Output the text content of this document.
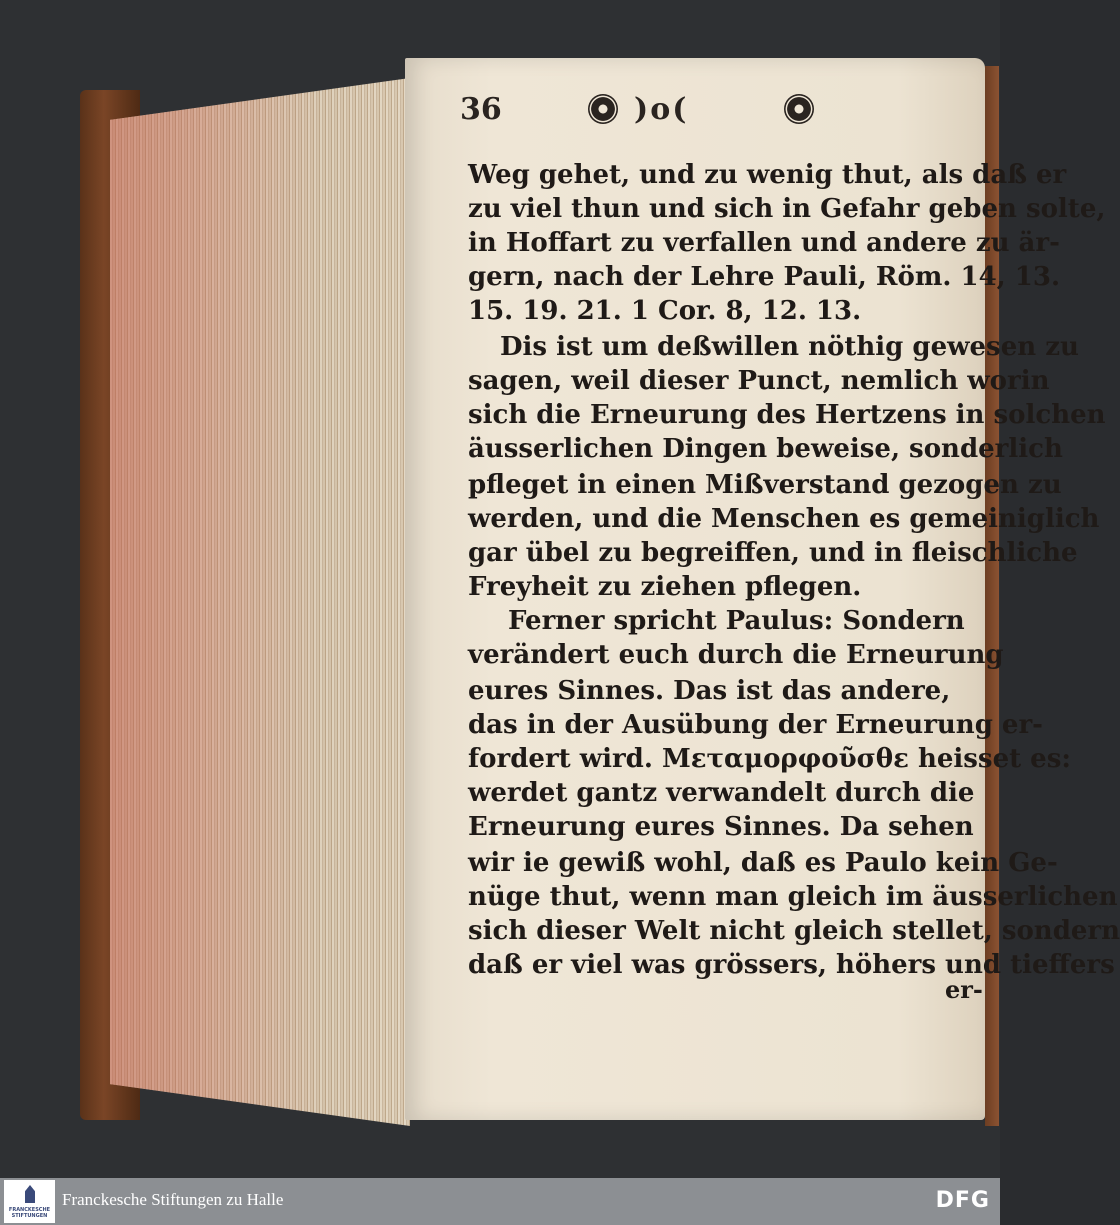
36	)o(
Weg gehet, und zu wenig thut, als daß er
zu viel thun und sich in Gefahr geben solte,
in Hoffart zu verfallen und andere zu är-
gern, nach der Lehre Pauli, Röm. 14, 13.
15. 19. 21. 1 Cor. 8, 12. 13.
Dis ist um deßwillen nöthig gewesen zu
sagen, weil dieser Punct, nemlich worin
sich die Erneurung des Hertzens in solchen
äusserlichen Dingen beweise, sonderlich
pfleget in einen Mißverstand gezogen zu
werden, und die Menschen es gemeiniglich
gar übel zu begreiffen, und in fleischliche
Freyheit zu ziehen pflegen.
Ferner spricht Paulus: Sondern
verändert euch durch die Erneurung
eures Sinnes. Das ist das andere,
das in der Ausübung der Erneurung er-
fordert wird. Μεταμορφοῦσθε heisset es:
werdet gantz verwandelt durch die
Erneurung eures Sinnes. Da sehen
wir ie gewiß wohl, daß es Paulo kein Ge-
nüge thut, wenn man gleich im äusserlichen
sich dieser Welt nicht gleich stellet, sondern
daß er viel was grössers, höhers und tieffers
er-
FRANCKESCHE STIFTUNGEN
Franckesche Stiftungen zu Halle	DFG
